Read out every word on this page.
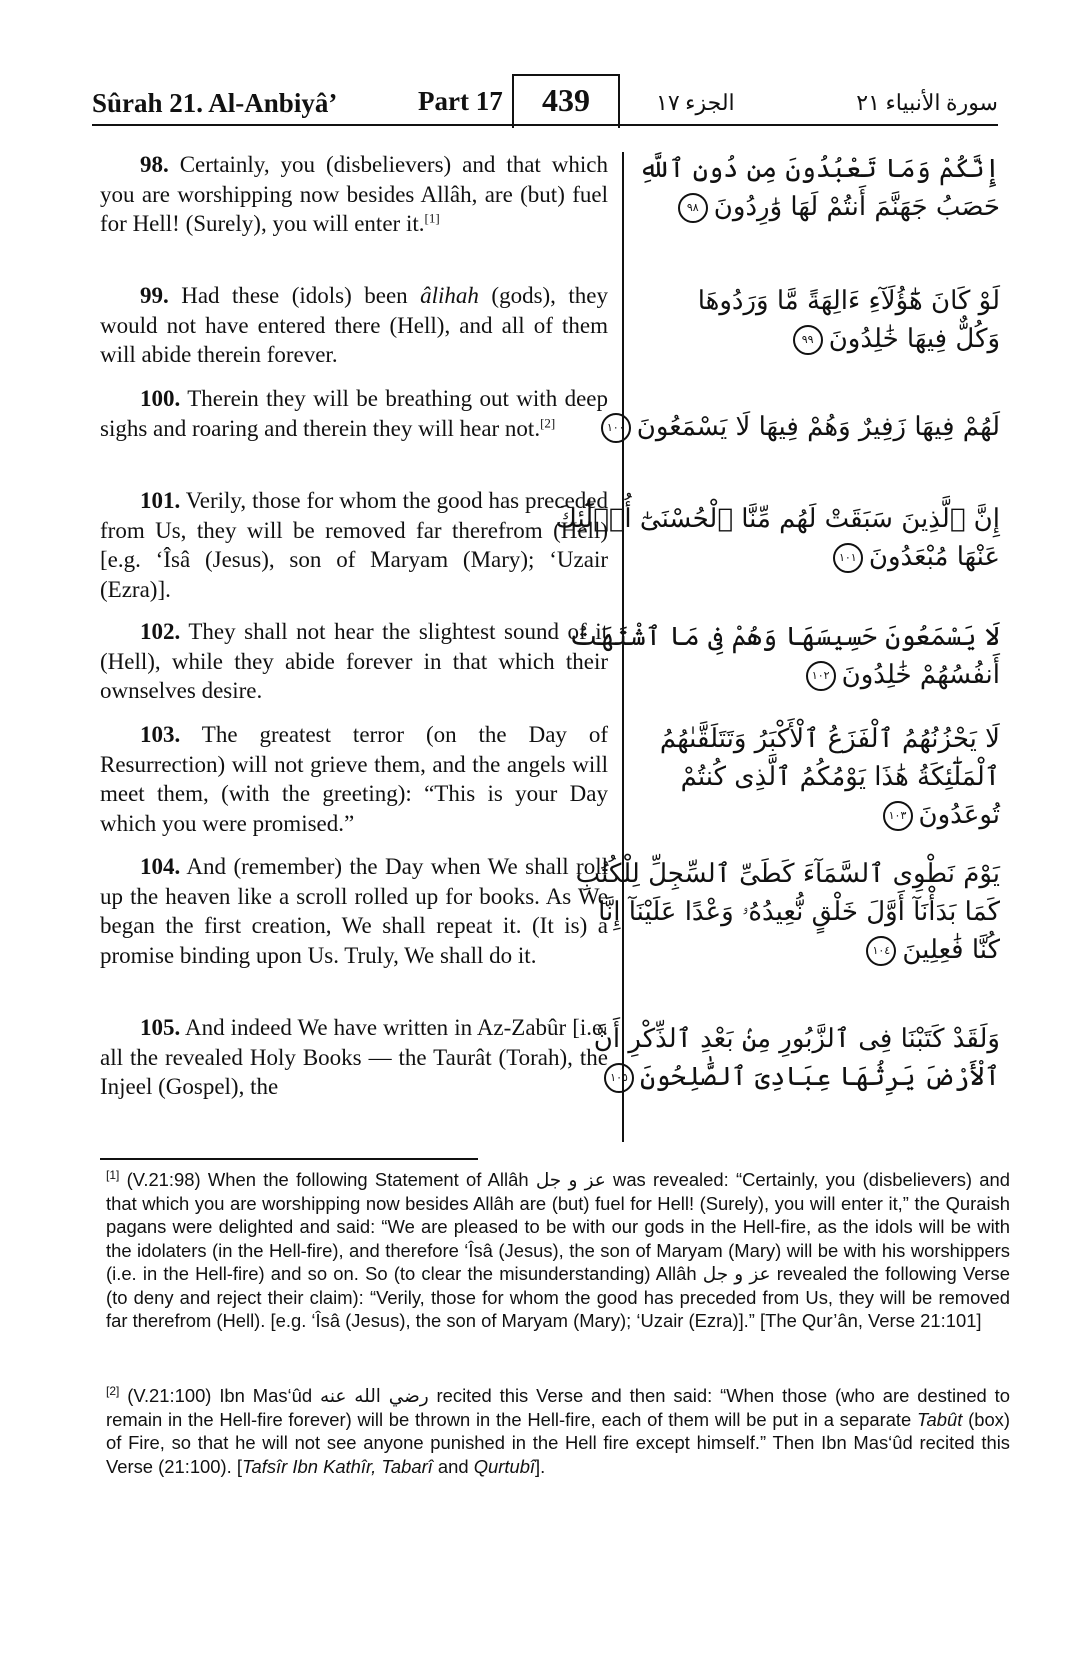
Sûrah 21. Al-Anbiyâ’	Part 17	439	الجزء ١٧	سورة الأنبياء ٢١
98. Certainly, you (disbelievers) and that which you are worshipping now besides Allâh, are (but) fuel for Hell! (Surely), you will enter it.[1]
إِنَّكُمْ وَمَا تَعْبُدُونَ مِن دُونِ ٱللَّهِ
حَصَبُ جَهَنَّمَ أَنتُمْ لَهَا وَٰرِدُونَ٩٨
99. Had these (idols) been âlihah (gods), they would not have entered there (Hell), and all of them will abide therein forever.
لَوْ كَانَ هَٰٓؤُلَآءِ ءَالِهَةً مَّا وَرَدُوهَا
وَكُلٌّ فِيهَا خَٰلِدُونَ٩٩
100. Therein they will be breathing out with deep sighs and roaring and therein they will hear not.[2]	لَهُمْ فِيهَا زَفِيرٌ وَهُمْ فِيهَا لَا يَسْمَعُونَ١٠٠
101. Verily, those for whom the good has preceded from Us, they will be removed far therefrom (Hell) [e.g. ‘Îsâ (Jesus), son of Maryam (Mary); ‘Uzair (Ezra)].
إِنَّ ٱلَّذِينَ سَبَقَتْ لَهُم مِّنَّا ٱلْحُسْنَىٰٓ أُو۟لَٰٓئِكَ
عَنْهَا مُبْعَدُونَ١٠١
102. They shall not hear the slightest sound of it (Hell), while they abide forever in that which their ownselves desire.
لَا يَسْمَعُونَ حَسِيسَهَا وَهُمْ فِى مَا ٱشْتَهَتْ
أَنفُسُهُمْ خَٰلِدُونَ١٠٢
103. The greatest terror (on the Day of Resurrection) will not grieve them, and the angels will meet them, (with the greeting): “This is your Day which you were promised.”
لَا يَحْزُنُهُمُ ٱلْفَزَعُ ٱلْأَكْبَرُ وَتَتَلَقَّىٰهُمُ
ٱلْمَلَٰٓئِكَةُ هَٰذَا يَوْمُكُمُ ٱلَّذِى كُنتُمْ
تُوعَدُونَ١٠٣
104. And (remember) the Day when We shall roll up the heaven like a scroll rolled up for books. As We began the first creation, We shall repeat it. (It is) a promise binding upon Us. Truly, We shall do it.
يَوْمَ نَطْوِى ٱلسَّمَآءَ كَطَىِّ ٱلسِّجِلِّ لِلْكُتُبِ
كَمَا بَدَأْنَآ أَوَّلَ خَلْقٍ نُّعِيدُهُۥ وَعْدًا عَلَيْنَآ إِنَّا
كُنَّا فَٰعِلِينَ١٠٤
105. And indeed We have written in Az-Zabûr [i.e. all the revealed Holy Books — the Taurât (Torah), the Injeel (Gospel), the
وَلَقَدْ كَتَبْنَا فِى ٱلزَّبُورِ مِنۢ بَعْدِ ٱلذِّكْرِ أَنَّ
ٱلْأَرْضَ يَرِثُهَا عِبَادِىَ ٱلصَّٰلِحُونَ١٠٥
[1] (V.21:98) When the following Statement of Allâh عز و جل was revealed: “Certainly, you (disbelievers) and that which you are worshipping now besides Allâh are (but) fuel for Hell! (Surely), you will enter it,” the Quraish pagans were delighted and said: “We are pleased to be with our gods in the Hell-fire, as the idols will be with the idolaters (in the Hell-fire), and therefore ‘Îsâ (Jesus), the son of Maryam (Mary) will be with his worshippers (i.e. in the Hell-fire) and so on. So (to clear the misunderstanding) Allâh عز و جل revealed the following Verse (to deny and reject their claim): “Verily, those for whom the good has preceded from Us, they will be removed far therefrom (Hell). [e.g. ‘Îsâ (Jesus), the son of Maryam (Mary); ‘Uzair (Ezra)].” [The Qur’ân, Verse 21:101]
[2] (V.21:100) Ibn Mas‘ûd رضي الله عنه recited this Verse and then said: “When those (who are destined to remain in the Hell-fire forever) will be thrown in the Hell-fire, each of them will be put in a separate Tabût (box) of Fire, so that he will not see anyone punished in the Hell fire except himself.” Then Ibn Mas‘ûd recited this Verse (21:100). [Tafsîr Ibn Kathîr, Tabarî and Qurtubî].
